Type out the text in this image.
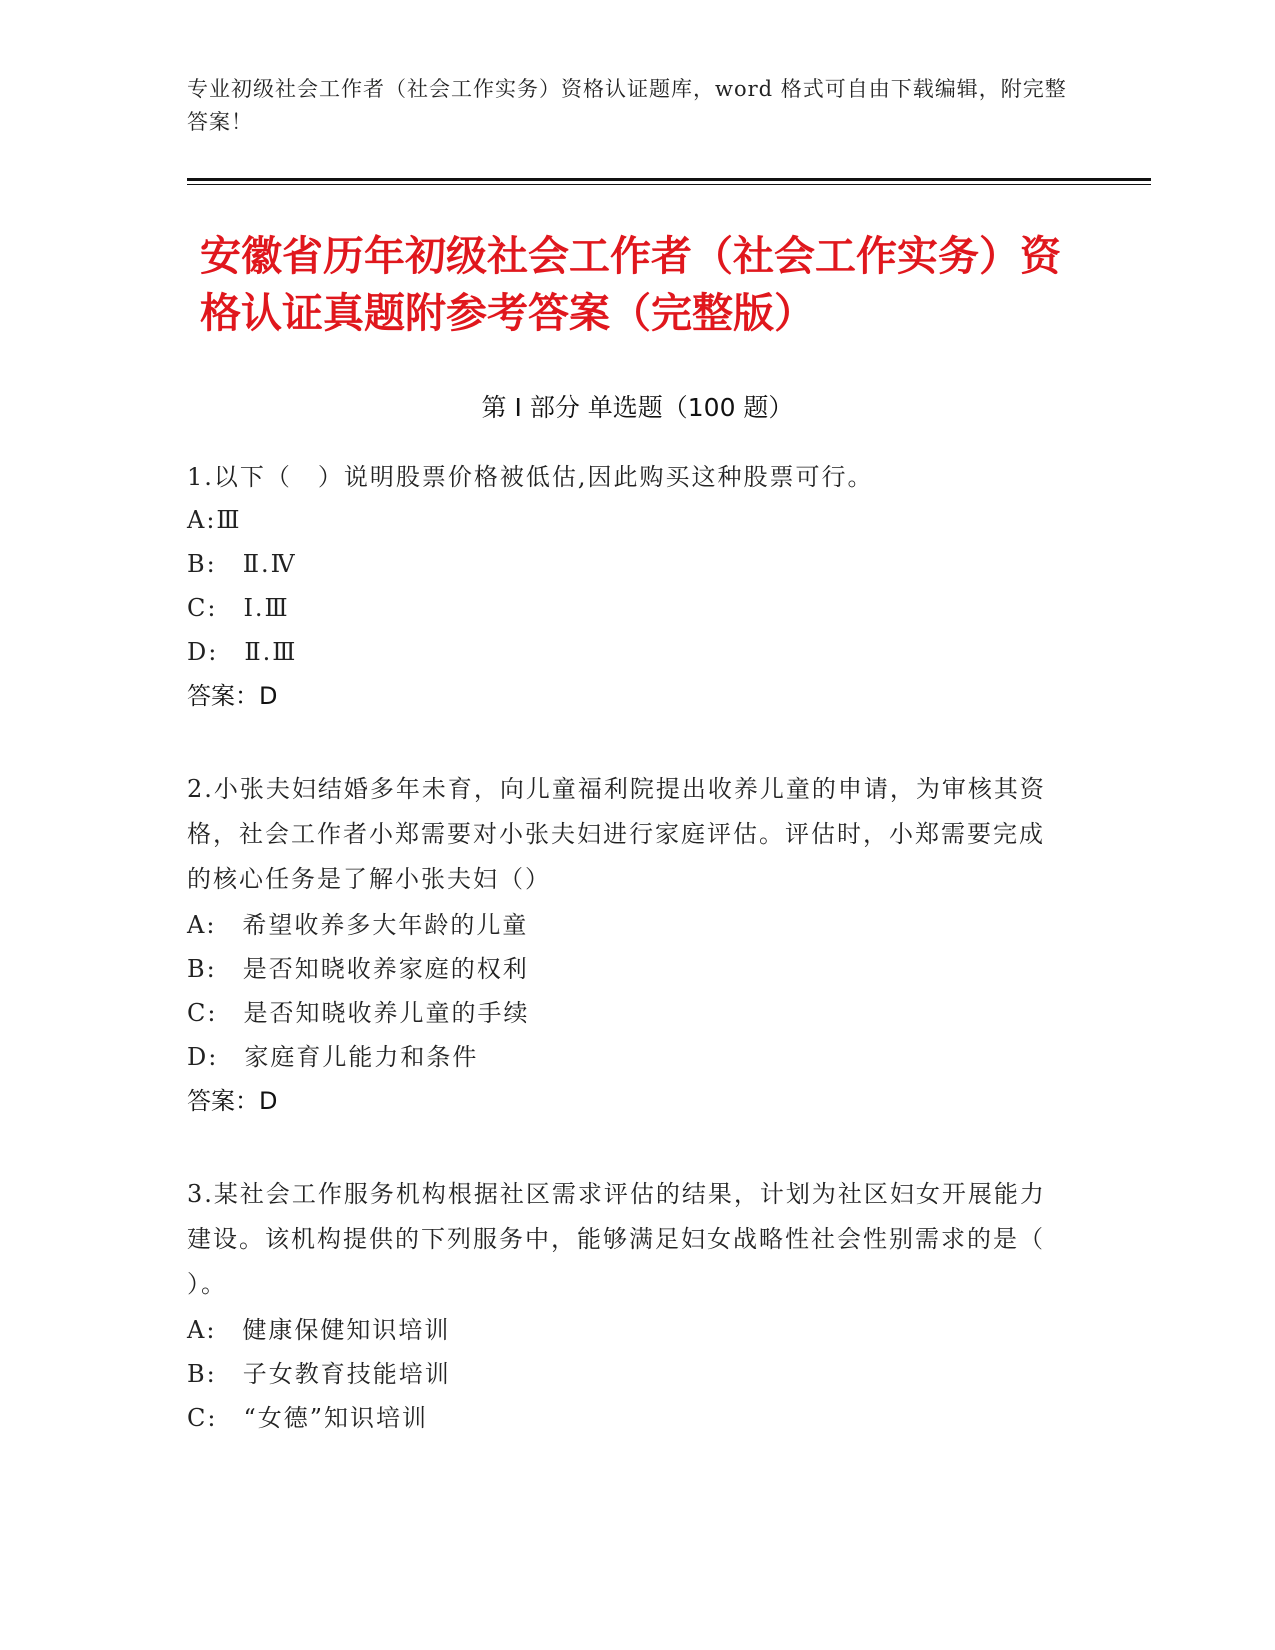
专业初级社会工作者（社会工作实务）资格认证题库，word 格式可自由下载编辑，附完整答案！
安徽省历年初级社会工作者（社会工作实务）资格认证真题附参考答案（完整版）
第 I 部分 单选题（100 题）
1.以下（　）说明股票价格被低估,因此购买这种股票可行。
A:Ⅲ
B:　Ⅱ.Ⅳ
C:　Ⅰ.Ⅲ
D:　Ⅱ.Ⅲ
答案：D
2.小张夫妇结婚多年未育，向儿童福利院提出收养儿童的申请，为审核其资格，社会工作者小郑需要对小张夫妇进行家庭评估。评估时，小郑需要完成的核心任务是了解小张夫妇（）
A:　希望收养多大年龄的儿童
B:　是否知晓收养家庭的权利
C:　是否知晓收养儿童的手续
D:　家庭育儿能力和条件
答案：D
3.某社会工作服务机构根据社区需求评估的结果，计划为社区妇女开展能力建设。该机构提供的下列服务中，能够满足妇女战略性社会性别需求的是（ ）。
A:　健康保健知识培训
B:　子女教育技能培训
C:　“女德”知识培训
